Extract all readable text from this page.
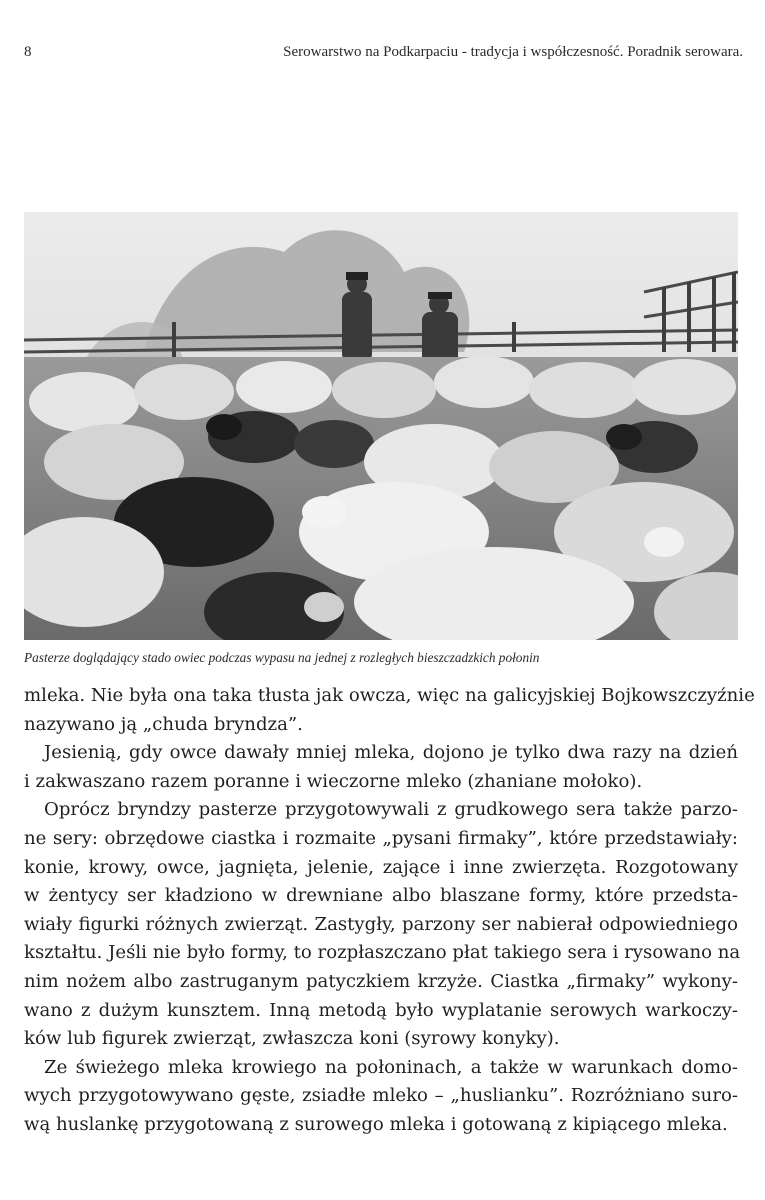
8	Serowarstwo na Podkarpaciu - tradycja i współczesność. Poradnik serowara.
Pasterze doglądający stado owiec podczas wypasu na jednej z rozległych bieszczadzkich połonin
mleka. Nie była ona taka tłusta jak owcza, więc na galicyjskiej Bojkowszczyźnie
nazywano ją „chuda bryndza”.
Jesienią, gdy owce dawały mniej mleka, dojono je tylko dwa razy na dzień
i zakwaszano razem poranne i wieczorne mleko (zhaniane mołoko).
Oprócz bryndzy pasterze przygotowywali z grudkowego sera także parzo-
ne sery: obrzędowe ciastka i rozmaite „pysani firmaky”, które przedstawiały:
konie, krowy, owce, jagnięta, jelenie, zające i inne zwierzęta. Rozgotowany
w żentycy ser kładziono w drewniane albo blaszane formy, które przedsta-
wiały figurki różnych zwierząt. Zastygły, parzony ser nabierał odpowiedniego
kształtu. Jeśli nie było formy, to rozpłaszczano płat takiego sera i rysowano na
nim nożem albo zastruganym patyczkiem krzyże. Ciastka „firmaky” wykony-
wano z dużym kunsztem. Inną metodą było wyplatanie serowych warkoczy-
ków lub figurek zwierząt, zwłaszcza koni (syrowy konyky).
Ze świeżego mleka krowiego na połoninach, a także w warunkach domo-
wych przygotowywano gęste, zsiadłe mleko – „huslianku”. Rozróżniano suro-
wą huslankę przygotowaną z surowego mleka i gotowaną z kipiącego mleka.
